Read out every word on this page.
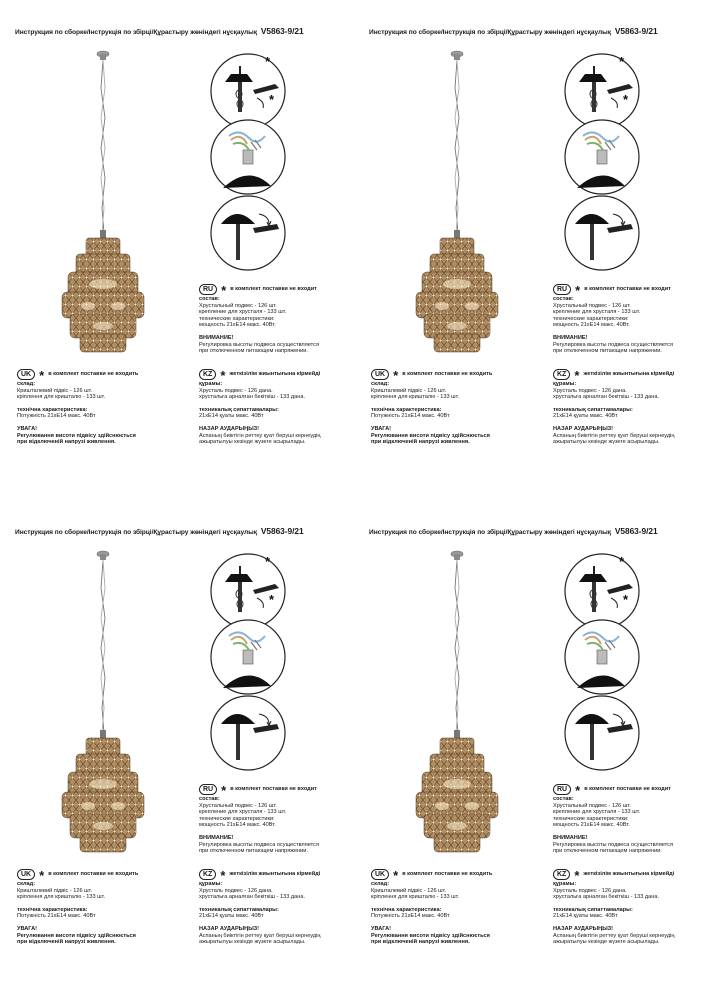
Инструкция по сборке/Інструкція по збірці/Құрастыру жөніндегі нұсқаулық V5863-9/21
*
*
RU * в комплект поставки не входит
состав:
Хрустальный подвес - 126 шт.
крепление для хрусталя - 133 шт.
технические характеристики:
мощность 21хЕ14 макс. 40Вт.
ВНИМАНИЕ!
Регулировка высоты подвеса осуществляется
при отключенном питающем напряжении.
UK * в комплект поставки не входить
склад:
Кришталевий підвіс - 126 шт.
кріплення для кришталю - 133 шт.
технічна характеристика:
Потужність 21хЕ14 макс. 40Вт
УВАГА!
Регулювання висоти підвісу здійснюється
при відключеній напрузі живлення.
KZ * жеткізілім жиынтығына кірмейді
құрамы:
Хрусталь подвес - 126 дана.
хрустальға арналған бекіткіш - 133 дана.
техникалық сипаттамалары:
21хЕ14 қуаты макс. 40Вт
НАЗАР АУДАРЫҢЫЗ!
Аспаның биіктігін реттеу қуат беруші кернеудің
ажыратылуы кезінде жүзеге асырылады.
Инструкция по сборке/Інструкція по збірці/Құрастыру жөніндегі нұсқаулық V5863-9/21
*
*
RU * в комплект поставки не входит
состав:
Хрустальный подвес - 126 шт.
крепление для хрусталя - 133 шт.
технические характеристики:
мощность 21хЕ14 макс. 40Вт.
ВНИМАНИЕ!
Регулировка высоты подвеса осуществляется
при отключенном питающем напряжении.
UK * в комплект поставки не входить
склад:
Кришталевий підвіс - 126 шт.
кріплення для кришталю - 133 шт.
технічна характеристика:
Потужність 21хЕ14 макс. 40Вт
УВАГА!
Регулювання висоти підвісу здійснюється
при відключеній напрузі живлення.
KZ * жеткізілім жиынтығына кірмейді
құрамы:
Хрусталь подвес - 126 дана.
хрустальға арналған бекіткіш - 133 дана.
техникалық сипаттамалары:
21хЕ14 қуаты макс. 40Вт
НАЗАР АУДАРЫҢЫЗ!
Аспаның биіктігін реттеу қуат беруші кернеудің
ажыратылуы кезінде жүзеге асырылады.
Инструкция по сборке/Інструкція по збірці/Құрастыру жөніндегі нұсқаулық V5863-9/21
*
*
RU * в комплект поставки не входит
состав:
Хрустальный подвес - 126 шт.
крепление для хрусталя - 133 шт.
технические характеристики:
мощность 21хЕ14 макс. 40Вт.
ВНИМАНИЕ!
Регулировка высоты подвеса осуществляется
при отключенном питающем напряжении.
UK * в комплект поставки не входить
склад:
Кришталевий підвіс - 126 шт.
кріплення для кришталю - 133 шт.
технічна характеристика:
Потужність 21хЕ14 макс. 40Вт
УВАГА!
Регулювання висоти підвісу здійснюється
при відключеній напрузі живлення.
KZ * жеткізілім жиынтығына кірмейді
құрамы:
Хрусталь подвес - 126 дана.
хрустальға арналған бекіткіш - 133 дана.
техникалық сипаттамалары:
21хЕ14 қуаты макс. 40Вт
НАЗАР АУДАРЫҢЫЗ!
Аспаның биіктігін реттеу қуат беруші кернеудің
ажыратылуы кезінде жүзеге асырылады.
Инструкция по сборке/Інструкція по збірці/Құрастыру жөніндегі нұсқаулық V5863-9/21
*
*
RU * в комплект поставки не входит
состав:
Хрустальный подвес - 126 шт.
крепление для хрусталя - 133 шт.
технические характеристики:
мощность 21хЕ14 макс. 40Вт.
ВНИМАНИЕ!
Регулировка высоты подвеса осуществляется
при отключенном питающем напряжении.
UK * в комплект поставки не входить
склад:
Кришталевий підвіс - 126 шт.
кріплення для кришталю - 133 шт.
технічна характеристика:
Потужність 21хЕ14 макс. 40Вт
УВАГА!
Регулювання висоти підвісу здійснюється
при відключеній напрузі живлення.
KZ * жеткізілім жиынтығына кірмейді
құрамы:
Хрусталь подвес - 126 дана.
хрустальға арналған бекіткіш - 133 дана.
техникалық сипаттамалары:
21хЕ14 қуаты макс. 40Вт
НАЗАР АУДАРЫҢЫЗ!
Аспаның биіктігін реттеу қуат беруші кернеудің
ажыратылуы кезінде жүзеге асырылады.
